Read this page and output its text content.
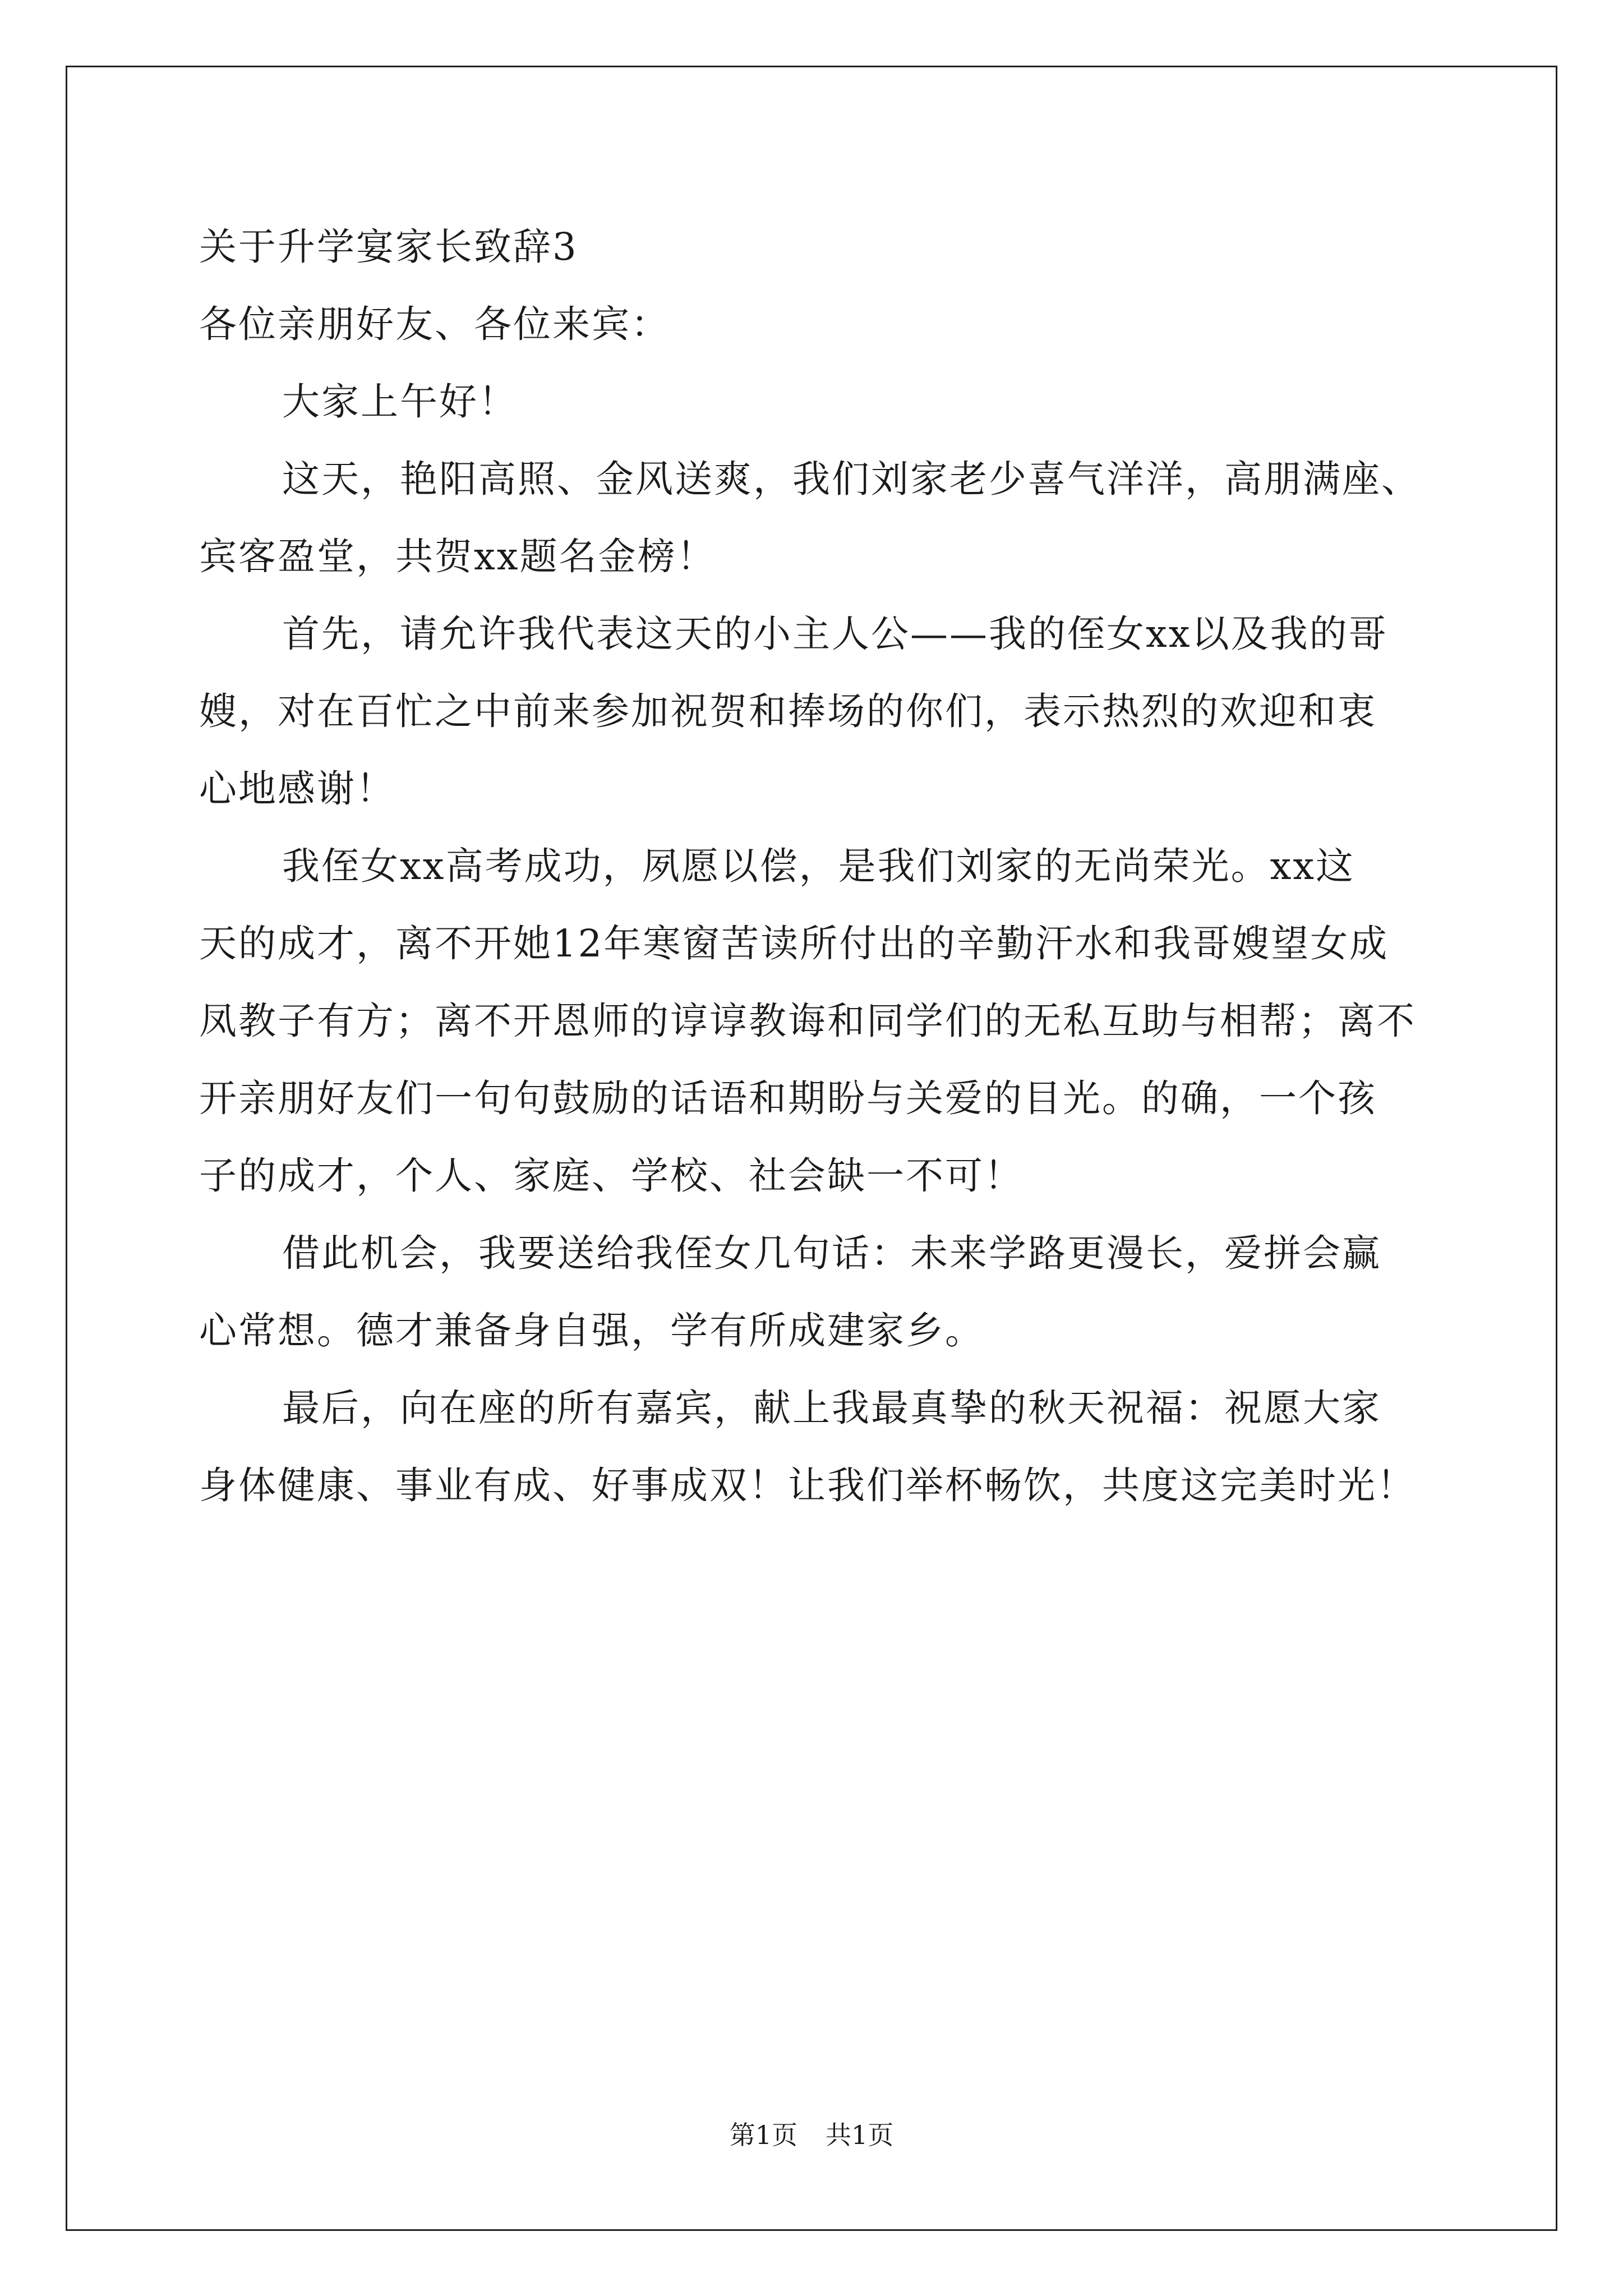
关于升学宴家长致辞3
各位亲朋好友、各位来宾：
大家上午好！
这天，艳阳高照、金风送爽，我们刘家老少喜气洋洋，高朋满座、
宾客盈堂，共贺xx题名金榜！
首先，请允许我代表这天的小主人公——我的侄女xx以及我的哥
嫂，对在百忙之中前来参加祝贺和捧场的你们，表示热烈的欢迎和衷
心地感谢！
我侄女xx高考成功，夙愿以偿，是我们刘家的无尚荣光。xx这
天的成才，离不开她12年寒窗苦读所付出的辛勤汗水和我哥嫂望女成
凤教子有方；离不开恩师的谆谆教诲和同学们的无私互助与相帮；离不
开亲朋好友们一句句鼓励的话语和期盼与关爱的目光。的确，一个孩
子的成才，个人、家庭、学校、社会缺一不可！
借此机会，我要送给我侄女几句话：未来学路更漫长，爱拼会赢
心常想。德才兼备身自强，学有所成建家乡。
最后，向在座的所有嘉宾，献上我最真挚的秋天祝福：祝愿大家
身体健康、事业有成、好事成双！让我们举杯畅饮，共度这完美时光！
第1页 共1页
